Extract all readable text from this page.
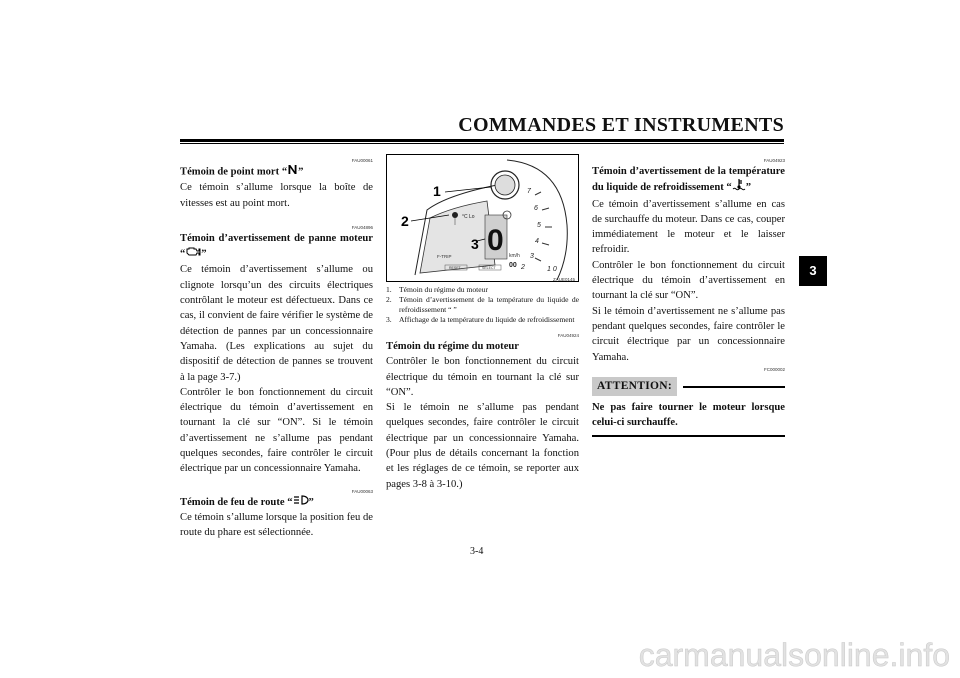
COMMANDES ET INSTRUMENTS
3
FAU00061

Témoin de point mort “ ”

Ce témoin s’allume lorsque la boîte de vitesses est au point mort.

FAU04896

Témoin d’avertissement de panne moteur “ ”

Ce témoin d’avertissement s’allume ou clignote lorsqu’un des circuits électriques contrôlant le moteur est défectueux. Dans ce cas, il convient de faire vérifier le système de détection de pannes par un concessionnaire Yamaha. (Les explications au sujet du dispositif de détection de pannes se trouvent à la page 3-7.)

Contrôler le bon fonctionnement du circuit électrique du témoin d’avertissement en tournant la clé sur “ON”. Si le témoin d’avertissement ne s’allume pas pendant quelques secondes, faire contrôler le circuit électrique par un concessionnaire Yamaha.

FAU00063

Témoin de feu de route “ ”

Ce témoin s’allume lorsque la position feu de route du phare est sélectionnée.

0
7
6
5
4
3
2	1 0
°C Lo
F-TRIP	km/h
00
RESET	SELECT
1
2
3
ZAUE0145
1. Témoin du régime du moteur
2. Témoin d’avertissement de la température du liquide de refroidissement “ ”
3. Affichage de la température du liquide de refroidissement
FAU04924

Témoin du régime du moteur

Contrôler le bon fonctionnement du circuit électrique du témoin en tournant la clé sur “ON”.

Si le témoin ne s’allume pas pendant quelques secondes, faire contrôler le circuit électrique par un concessionnaire Yamaha. (Pour plus de détails concernant la fonction et les réglages de ce témoin, se reporter aux pages 3-8 à 3-10.)

FAU04923

Témoin d’avertissement de la température du liquide de refroidissement “ ”

Ce témoin d’avertissement s’allume en cas de surchauffe du moteur. Dans ce cas, couper immédiatement le moteur et le laisser refroidir.

Contrôler le bon fonctionnement du circuit électrique du témoin d’avertissement en tournant la clé sur “ON”.

Si le témoin d’avertissement ne s’allume pas pendant quelques secondes, faire contrôler le circuit électrique par un concessionnaire Yamaha.

FC000002
ATTENTION:

Ne pas faire tourner le moteur lorsque celui-ci surchauffe.

3-4
carmanualsonline.info
